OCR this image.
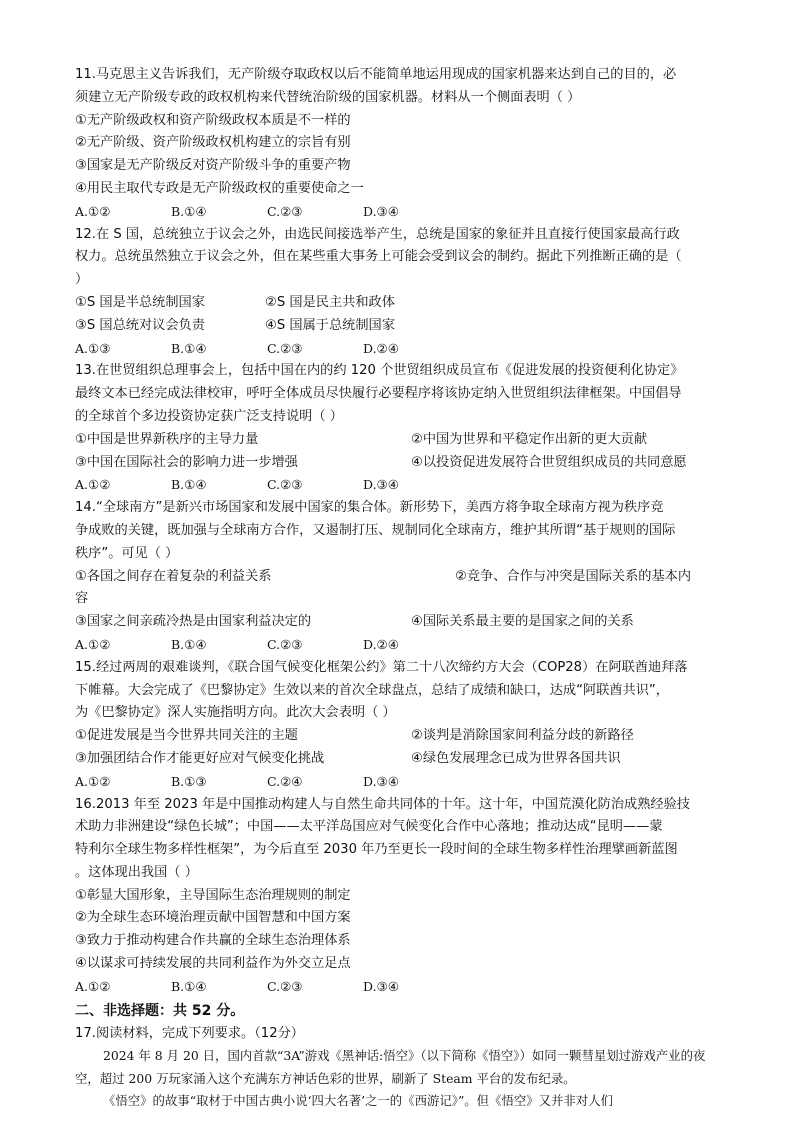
11.马克思主义告诉我们，无产阶级夺取政权以后不能简单地运用现成的国家机器来达到自己的目的，必
须建立无产阶级专政的政权机构来代替统治阶级的国家机器。材料从一个侧面表明（ ）
①无产阶级政权和资产阶级政权本质是不一样的
②无产阶级、资产阶级政权机构建立的宗旨有别
③国家是无产阶级反对资产阶级斗争的重要产物
④用民主取代专政是无产阶级政权的重要使命之一
A.①②	B.①④	C.②③	D.③④
12.在 S 国，总统独立于议会之外，由选民间接选举产生，总统是国家的象征并且直接行使国家最高行政
权力。总统虽然独立于议会之外，但在某些重大事务上可能会受到议会的制约。据此下列推断正确的是（
）
①S 国是半总统制国家	②S 国是民主共和政体
③S 国总统对议会负责	④S 国属于总统制国家
A.①③	B.①④	C.②③	D.②④
13.在世贸组织总理事会上，包括中国在内的约 120 个世贸组织成员宣布《促进发展的投资便利化协定》
最终文本已经完成法律校审，呼吁全体成员尽快履行必要程序将该协定纳入世贸组织法律框架。中国倡导
的全球首个多边投资协定获广泛支持说明（ ）
①中国是世界新秩序的主导力量	②中国为世界和平稳定作出新的更大贡献
③中国在国际社会的影响力进一步增强	④以投资促进发展符合世贸组织成员的共同意愿
A.①②	B.①④	C.②③	D.③④
14.“全球南方”是新兴市场国家和发展中国家的集合体。新形势下，美西方将争取全球南方视为秩序竞
争成败的关键，既加强与全球南方合作，又遏制打压、规制同化全球南方，维护其所谓“基于规则的国际
秩序”。可见（ ）
①各国之间存在着复杂的利益关系	②竞争、合作与冲突是国际关系的基本内
容
③国家之间亲疏冷热是由国家利益决定的	④国际关系最主要的是国家之间的关系
A.①②	B.①④	C.②③	D.②④
15.经过两周的艰难谈判，《联合国气候变化框架公约》第二十八次缔约方大会（COP28）在阿联酋迪拜落
下帷幕。大会完成了《巴黎协定》生效以来的首次全球盘点，总结了成绩和缺口，达成“阿联酋共识”，
为《巴黎协定》深人实施指明方向。此次大会表明（ ）
①促进发展是当今世界共同关注的主题	②谈判是消除国家间利益分歧的新路径
③加强团结合作才能更好应对气候变化挑战	④绿色发展理念已成为世界各国共识
A.①②	B.①③	C.②④	D.③④
16.2013 年至 2023 年是中国推动构建人与自然生命共同体的十年。这十年，中国荒漠化防治成熟经验技
术助力非洲建设“绿色长城”；中国——太平洋岛国应对气候变化合作中心落地；推动达成“昆明——蒙
特利尔全球生物多样性框架”，为今后直至 2030 年乃至更长一段时间的全球生物多样性治理擘画新蓝图
。这体现出我国（ ）
①彰显大国形象，主导国际生态治理规则的制定
②为全球生态环境治理贡献中国智慧和中国方案
③致力于推动构建合作共赢的全球生态治理体系
④以谋求可持续发展的共同利益作为外交立足点
A.①②	B.①④	C.②③	D.③④
二、非选择题：共 52 分。
17.阅读材料，完成下列要求。（12分）
2024 年 8 月 20 日，国内首款“3A”游戏《黑神话:悟空》（以下简称《悟空》）如同一颗彗星划过游戏产业的夜空，超过 200 万玩家涌入这个充满东方神话色彩的世界，刷新了 Steam 平台的发布纪录。
《悟空》的故事“取材于中国古典小说‘四大名著’之一的《西游记》”。但《悟空》又并非对人们
